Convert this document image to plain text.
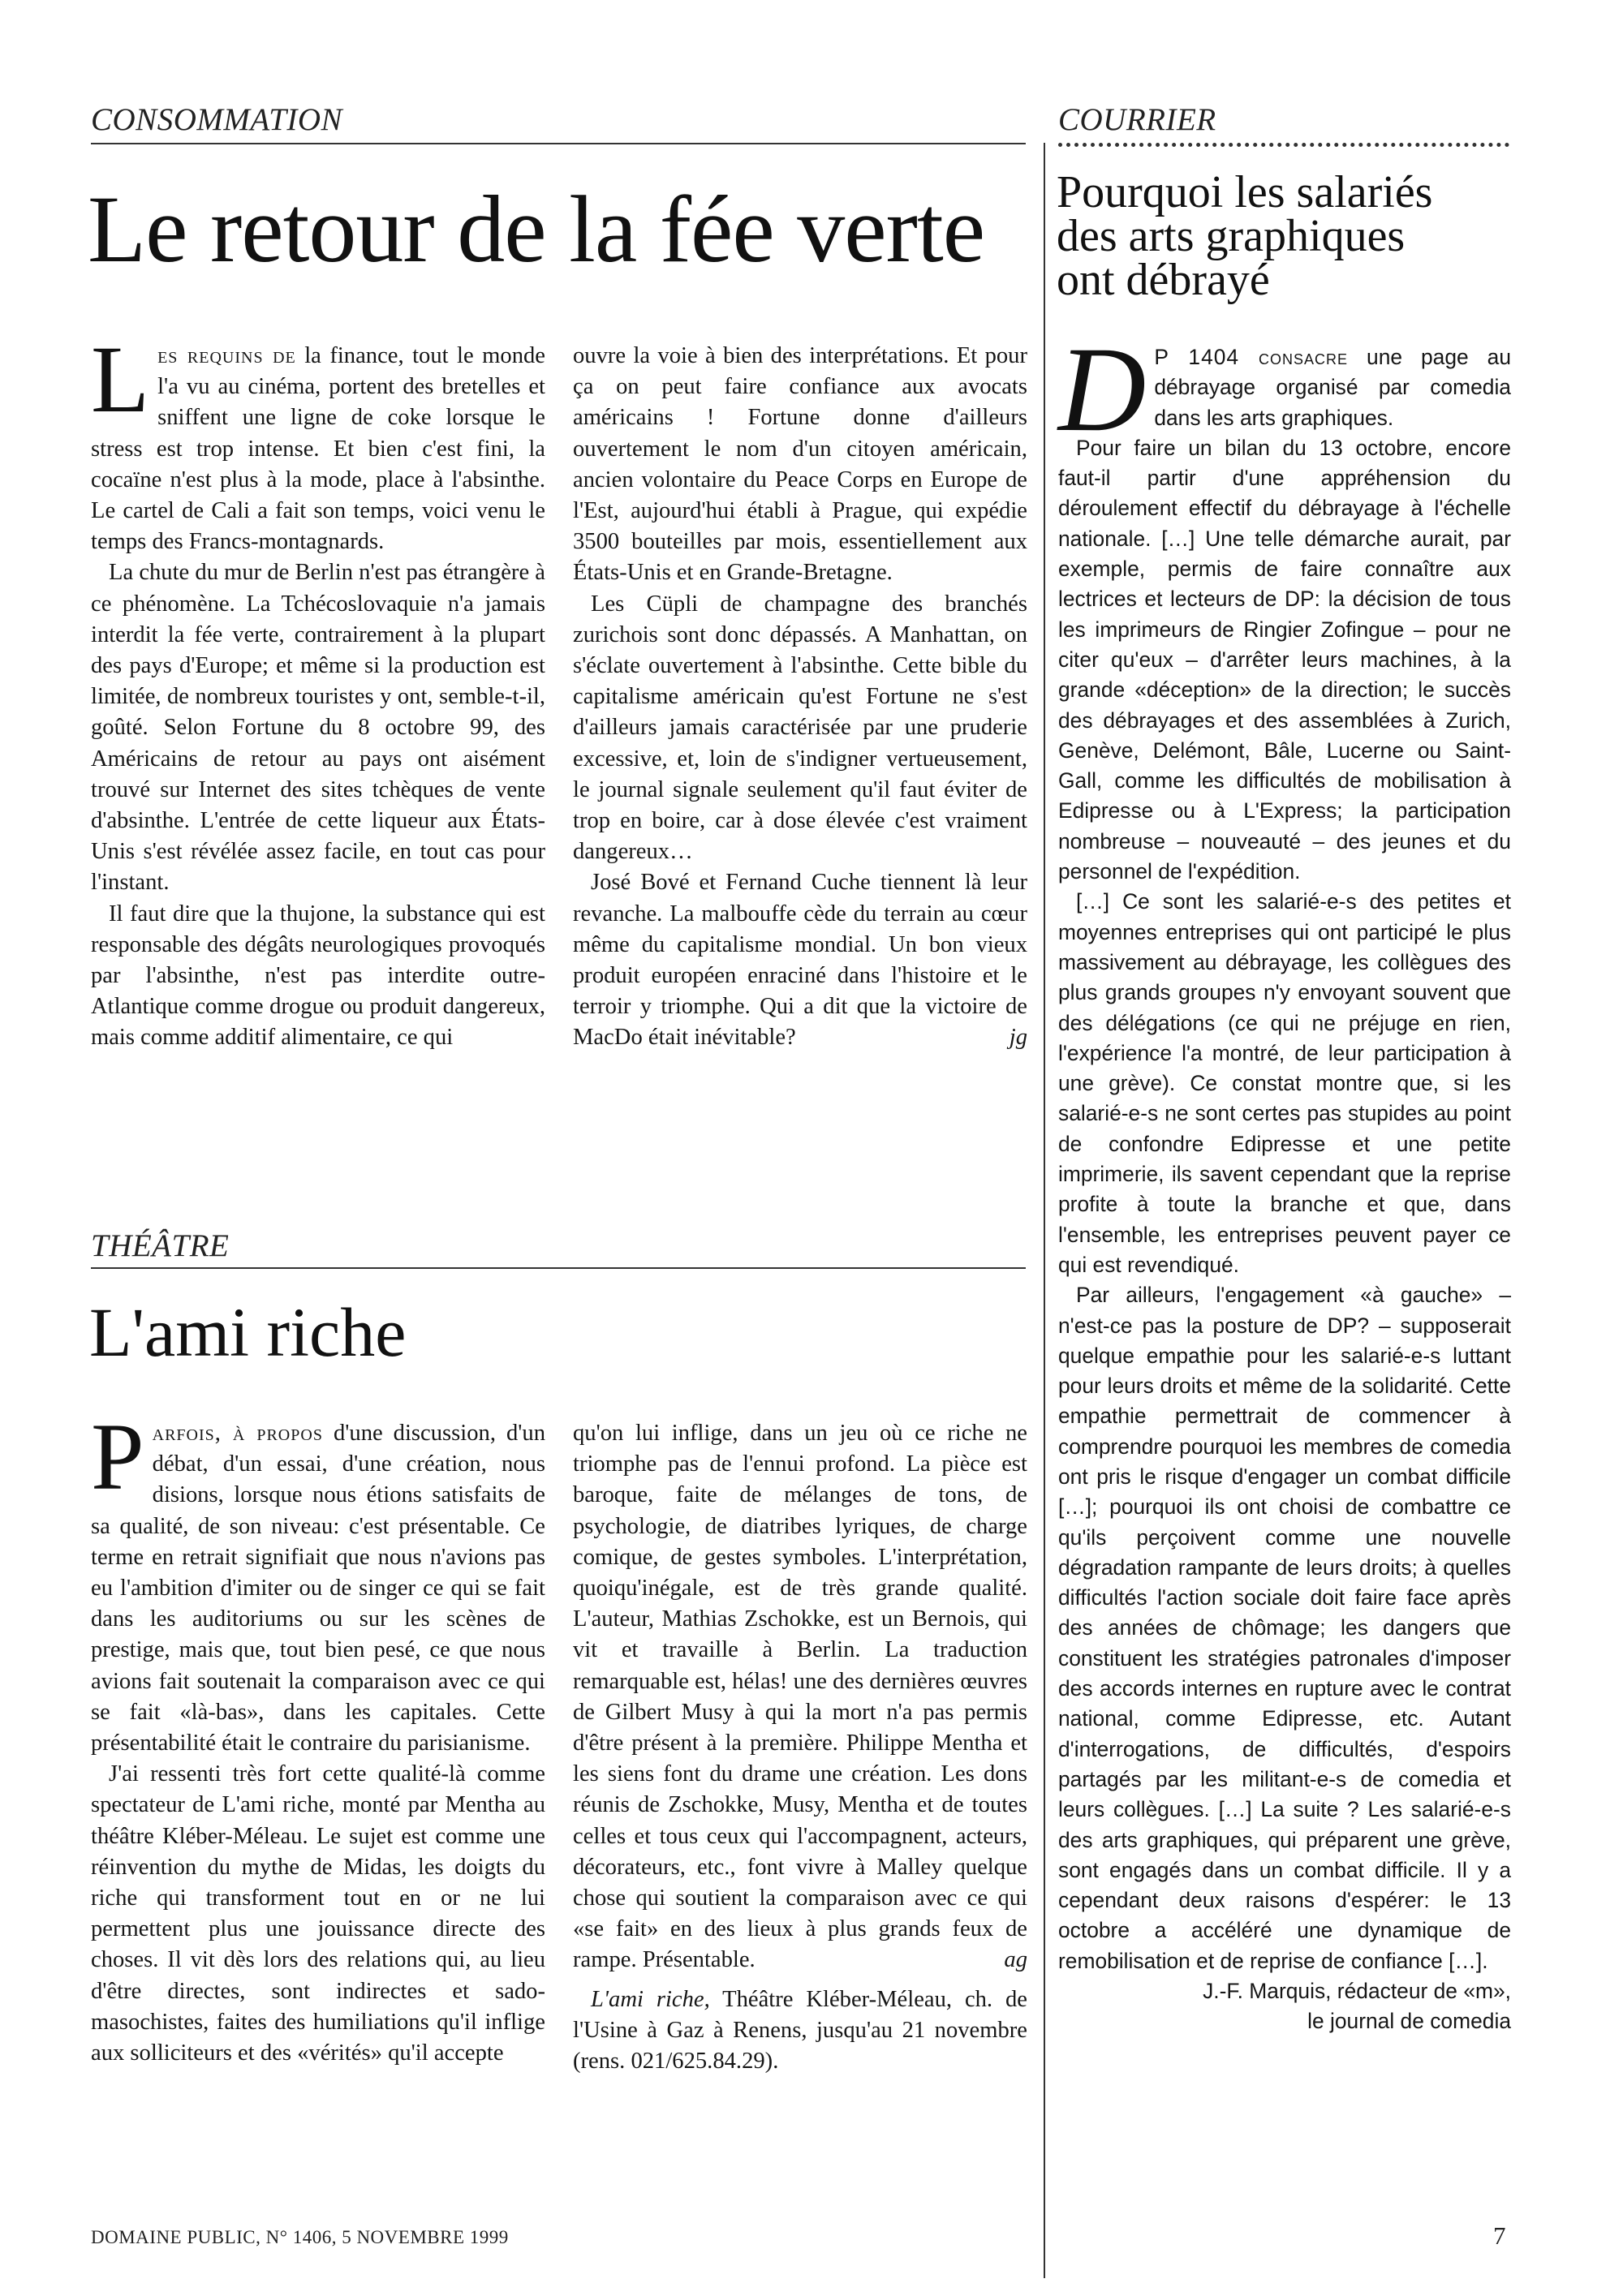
CONSOMMATION
Le retour de la fée verte

Les requins de la finance, tout le monde l'a vu au cinéma, portent des bretelles et sniffent une ligne de coke lorsque le stress est trop intense. Et bien c'est fini, la cocaïne n'est plus à la mode, place à l'absinthe. Le cartel de Cali a fait son temps, voici venu le temps des Francs-montagnards.

La chute du mur de Berlin n'est pas étrangère à ce phénomène. La Tchécoslovaquie n'a jamais interdit la fée verte, contrairement à la plupart des pays d'Europe; et même si la production est limitée, de nombreux touristes y ont, semble-t-il, goûté. Selon Fortune du 8 octobre 99, des Américains de retour au pays ont aisément trouvé sur Internet des sites tchèques de vente d'absinthe. L'entrée de cette liqueur aux États-Unis s'est révélée assez facile, en tout cas pour l'instant.

Il faut dire que la thujone, la substance qui est responsable des dégâts neurologiques provoqués par l'absinthe, n'est pas interdite outre-Atlantique comme drogue ou produit dangereux, mais comme additif alimentaire, ce qui

ouvre la voie à bien des interprétations. Et pour ça on peut faire confiance aux avocats américains ! Fortune donne d'ailleurs ouvertement le nom d'un citoyen américain, ancien volontaire du Peace Corps en Europe de l'Est, aujourd'hui établi à Prague, qui expédie 3500 bouteilles par mois, essentiellement aux États-Unis et en Grande-Bretagne.

Les Cüpli de champagne des branchés zurichois sont donc dépassés. A Manhattan, on s'éclate ouvertement à l'absinthe. Cette bible du capitalisme américain qu'est Fortune ne s'est d'ailleurs jamais caractérisée par une pruderie excessive, et, loin de s'indigner vertueusement, le journal signale seulement qu'il faut éviter de trop en boire, car à dose élevée c'est vraiment dangereux…

José Bové et Fernand Cuche tiennent là leur revanche. La malbouffe cède du terrain au cœur même du capitalisme mondial. Un bon vieux produit européen enraciné dans l'histoire et le terroir y triomphe. Qui a dit que la victoire de MacDo était inévitable?	jg

THÉÂTRE
L'ami riche

Parfois, à propos d'une discussion, d'un débat, d'un essai, d'une création, nous disions, lorsque nous étions satisfaits de sa qualité, de son niveau: c'est présentable. Ce terme en retrait signifiait que nous n'avions pas eu l'ambition d'imiter ou de singer ce qui se fait dans les auditoriums ou sur les scènes de prestige, mais que, tout bien pesé, ce que nous avions fait soutenait la comparaison avec ce qui se fait «là-bas», dans les capitales. Cette présentabilité était le contraire du parisianisme.

J'ai ressenti très fort cette qualité-là comme spectateur de L'ami riche, monté par Mentha au théâtre Kléber-Méleau. Le sujet est comme une réinvention du mythe de Midas, les doigts du riche qui transforment tout en or ne lui permettent plus une jouissance directe des choses. Il vit dès lors des relations qui, au lieu d'être directes, sont indirectes et sado-masochistes, faites des humiliations qu'il inflige aux solliciteurs et des «vérités» qu'il accepte

qu'on lui inflige, dans un jeu où ce riche ne triomphe pas de l'ennui profond. La pièce est baroque, faite de mélanges de tons, de psychologie, de diatribes lyriques, de charge comique, de gestes symboles. L'interprétation, quoiqu'inégale, est de très grande qualité. L'auteur, Mathias Zschokke, est un Bernois, qui vit et travaille à Berlin. La traduction remarquable est, hélas! une des dernières œuvres de Gilbert Musy à qui la mort n'a pas permis d'être présent à la première. Philippe Mentha et les siens font du drame une création. Les dons réunis de Zschokke, Musy, Mentha et de toutes celles et tous ceux qui l'accompagnent, acteurs, décorateurs, etc., font vivre à Malley quelque chose qui soutient la comparaison avec ce qui «se fait» en des lieux à plus grands feux de rampe. Présentable.	ag

L'ami riche, Théâtre Kléber-Méleau, ch. de l'Usine à Gaz à Renens, jusqu'au 21 novembre (rens. 021/625.84.29).

COURRIER
Pourquoi les salariés
des arts graphiques
ont débrayé

D P 1404 consacre une page au débrayage organisé par comedia dans les arts graphiques.

Pour faire un bilan du 13 octobre, encore faut-il partir d'une appréhension du déroulement effectif du débrayage à l'échelle nationale. […] Une telle démarche aurait, par exemple, permis de faire connaître aux lectrices et lecteurs de DP: la décision de tous les imprimeurs de Ringier Zofingue – pour ne citer qu'eux – d'arrêter leurs machines, à la grande «déception» de la direction; le succès des débrayages et des assemblées à Zurich, Genève, Delémont, Bâle, Lucerne ou Saint-Gall, comme les difficultés de mobilisation à Edipresse ou à L'Express; la participation nombreuse – nouveauté – des jeunes et du personnel de l'expédition.

[…] Ce sont les salarié-e-s des petites et moyennes entreprises qui ont participé le plus massivement au débrayage, les collègues des plus grands groupes n'y envoyant souvent que des délégations (ce qui ne préjuge en rien, l'expérience l'a montré, de leur participation à une grève). Ce constat montre que, si les salarié-e-s ne sont certes pas stupides au point de confondre Edipresse et une petite imprimerie, ils savent cependant que la reprise profite à toute la branche et que, dans l'ensemble, les entreprises peuvent payer ce qui est revendiqué.

Par ailleurs, l'engagement «à gauche» – n'est-ce pas la posture de DP? – supposerait quelque empathie pour les salarié-e-s luttant pour leurs droits et même de la solidarité. Cette empathie permettrait de commencer à comprendre pourquoi les membres de comedia ont pris le risque d'engager un combat difficile […]; pourquoi ils ont choisi de combattre ce qu'ils perçoivent comme une nouvelle dégradation rampante de leurs droits; à quelles difficultés l'action sociale doit faire face après des années de chômage; les dangers que constituent les stratégies patronales d'imposer des accords internes en rupture avec le contrat national, comme Edipresse, etc. Autant d'interrogations, de difficultés, d'espoirs partagés par les militant-e-s de comedia et leurs collègues. […] La suite ? Les salarié-e-s des arts graphiques, qui préparent une grève, sont engagés dans un combat difficile. Il y a cependant deux raisons d'espérer: le 13 octobre a accéléré une dynamique de remobilisation et de reprise de confiance […].

J.-F. Marquis, rédacteur de «m»,

le journal de comedia

DOMAINE PUBLIC, N° 1406, 5 NOVEMBRE 1999	7
